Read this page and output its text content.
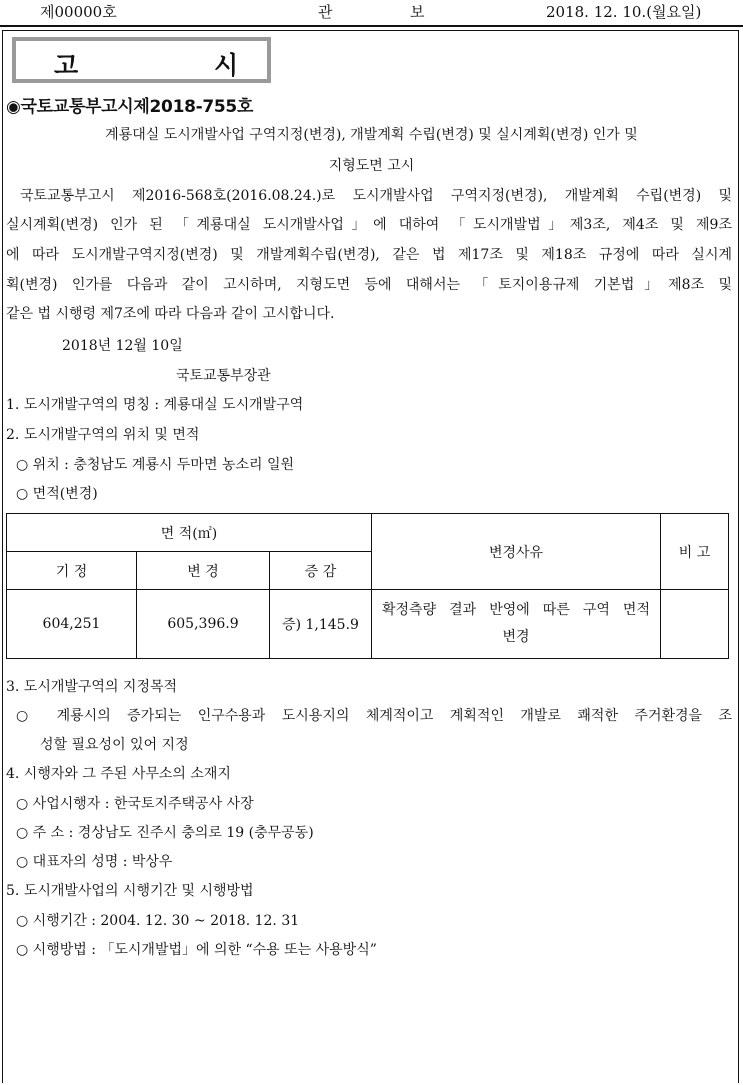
제00000호	관	보	2018. 12. 10.(월요일)
고	시
◉국토교통부고시제2018-755호
계룡대실 도시개발사업 구역지정(변경), 개발계획 수립(변경) 및 실시계획(변경) 인가 및
지형도면 고시
국토교통부고시 제2016-568호(2016.08.24.)로 도시개발사업 구역지정(변경), 개발계획 수립(변경) 및
실시계획(변경) 인가 된 「계룡대실 도시개발사업」에 대하여 「도시개발법」제3조, 제4조 및 제9조
에 따라 도시개발구역지정(변경) 및 개발계획수립(변경), 같은 법 제17조 및 제18조 규정에 따라 실시계
획(변경) 인가를 다음과 같이 고시하며, 지형도면 등에 대해서는 「토지이용규제 기본법」제8조 및
같은 법 시행령 제7조에 따라 다음과 같이 고시합니다.
2018년 12월 10일
국토교통부장관
1. 도시개발구역의 명칭 : 계룡대실 도시개발구역
2. 도시개발구역의 위치 및 면적
○ 위치 : 충청남도 계룡시 두마면 농소리 일원
○ 면적(변경)
면 적(㎡)			변경사유	비 고
기 정	변 경	증 감		
604,251	605,396.9	증) 1,145.9	확정측량 결과 반영에 따른 구역 면적
변경	

3. 도시개발구역의 지정목적
○ 계룡시의 증가되는 인구수용과 도시용지의 체계적이고 계획적인 개발로 쾌적한 주거환경을 조
성할 필요성이 있어 지정
4. 시행자와 그 주된 사무소의 소재지
○ 사업시행자 : 한국토지주택공사 사장
○ 주 소 : 경상남도 진주시 충의로 19 (충무공동)
○ 대표자의 성명 : 박상우
5. 도시개발사업의 시행기간 및 시행방법
○ 시행기간 : 2004. 12. 30 ~ 2018. 12. 31
○ 시행방법 : 「도시개발법」에 의한 “수용 또는 사용방식”
